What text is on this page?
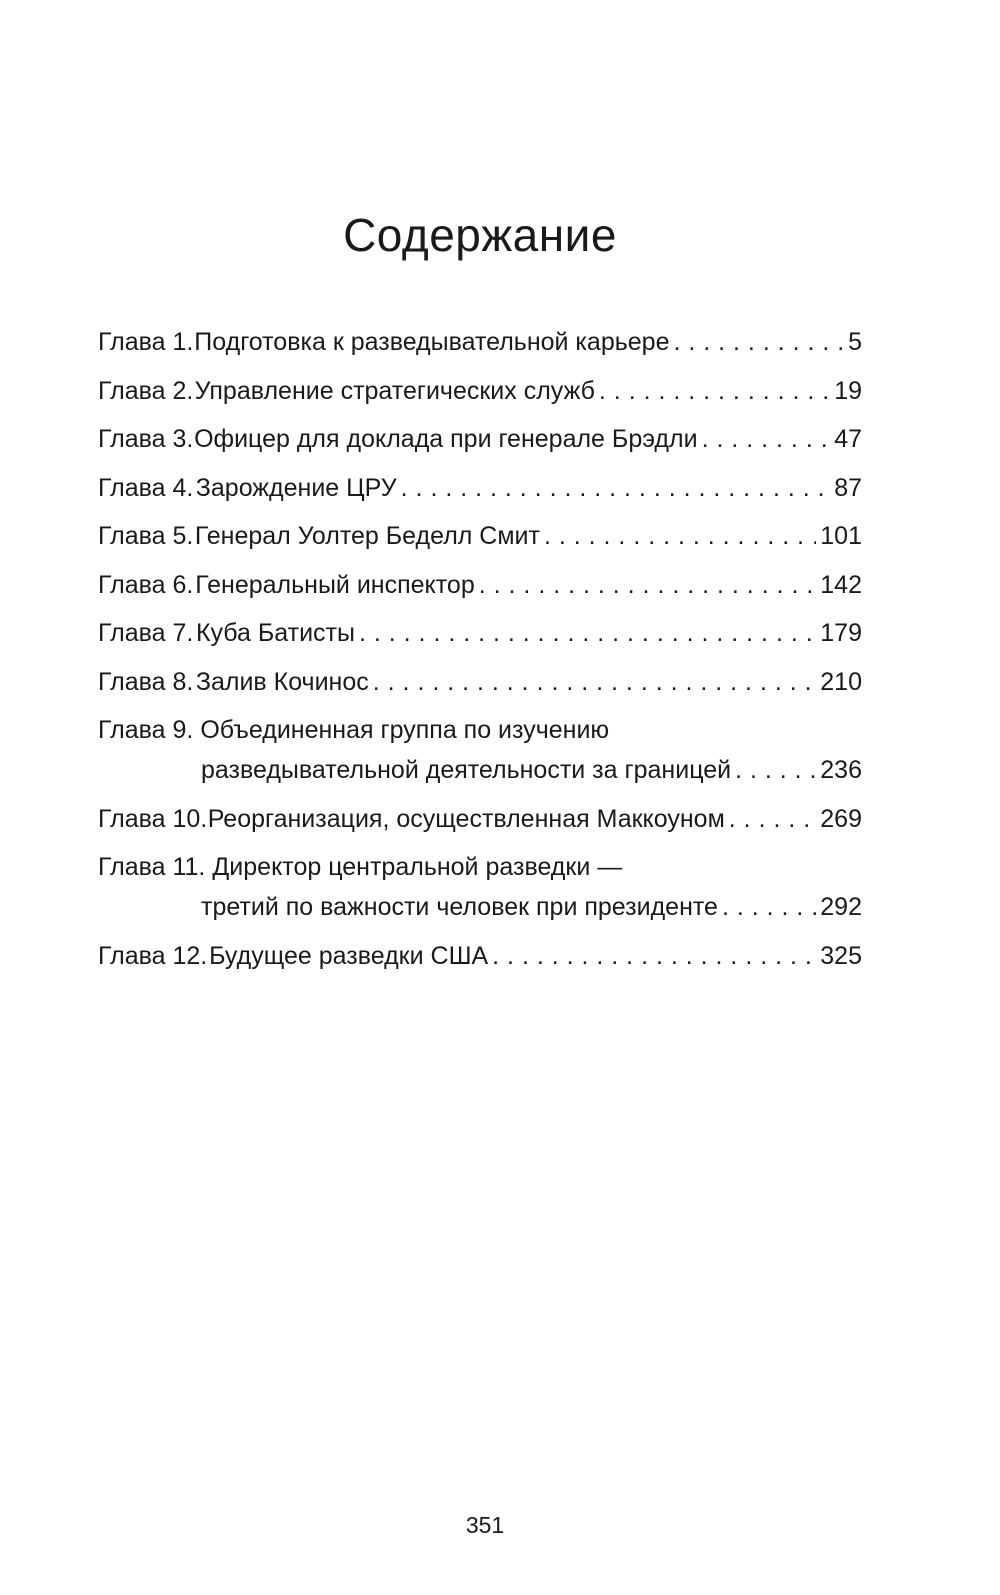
Содержание
Глава 1. Подготовка к разведывательной карьере . . .	5
Глава 2. Управление стратегических служб . . .	19
Глава 3. Офицер для доклада при генерале Брэдли . . .	47
Глава 4. Зарождение ЦРУ . . .	87
Глава 5. Генерал Уолтер Беделл Смит . . .	101
Глава 6. Генеральный инспектор . . .	142
Глава 7. Куба Батисты . . .	179
Глава 8. Залив Кочинос . . .	210
Глава 9. Объединенная группа по изучению
разведывательной деятельности за границей . . .	236
Глава 10. Реорганизация, осуществленная Маккоуном . . .	269
Глава 11. Директор центральной разведки —
третий по важности человек при президенте . . .	292
Глава 12. Будущее разведки США . . .	325
351
